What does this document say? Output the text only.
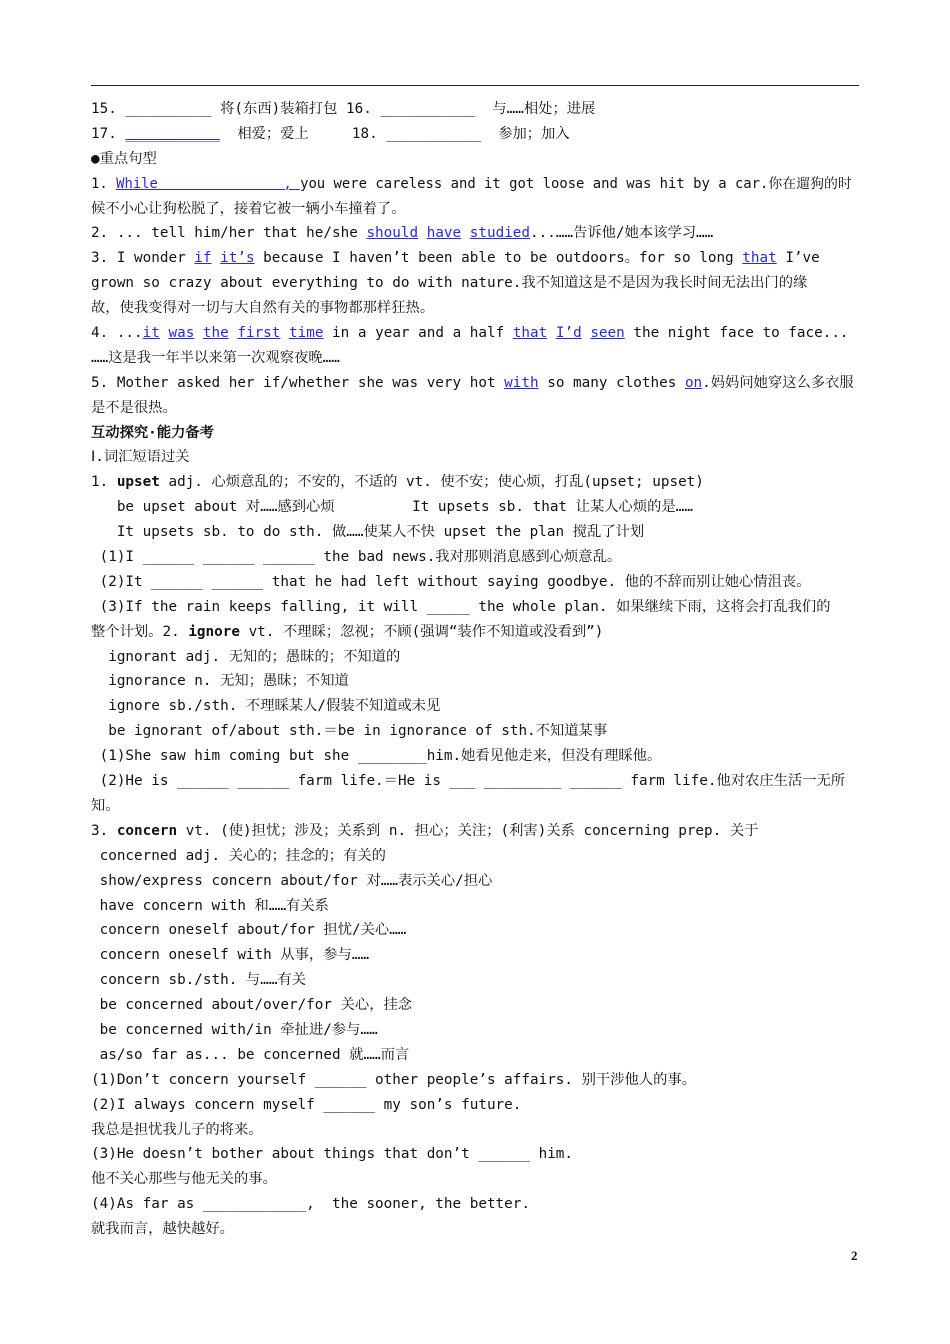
15. __________ 将(东西)装箱打包 16. ___________  与……相处；进展
17. ___________  相爱；爱上     18. ___________  参加；加入
●重点句型
1. While               , you were careless and it got loose and was hit by a car.你在遛狗的时
候不小心让狗松脱了，接着它被一辆小车撞着了。
2. ... tell him/her that he/she should have studied...……告诉他/她本该学习……
3. I wonder if it’s because I haven’t been able to be outdoors。for so long that I’ve
grown so crazy about everything to do with nature.我不知道这是不是因为我长时间无法出门的缘
故，使我变得对一切与大自然有关的事物都那样狂热。
4. ...it was the first time in a year and a half that I’d seen the night face to face...
……这是我一年半以来第一次观察夜晚……
5. Mother asked her if/whether she was very hot with so many clothes on.妈妈问她穿这么多衣服
是不是很热。
互动探究·能力备考
Ⅰ.词汇短语过关
1. upset adj. 心烦意乱的；不安的，不适的 vt. 使不安；使心烦，打乱(upset; upset)
be upset about 对……感到心烦         It upsets sb. that 让某人心烦的是……
It upsets sb. to do sth. 做……使某人不快 upset the plan 搅乱了计划
(1)I ______ ______ ______ the bad news.我对那则消息感到心烦意乱。
(2)It ______ ______ that he had left without saying goodbye. 他的不辞而别让她心情沮丧。
(3)If the rain keeps falling, it will _____ the whole plan. 如果继续下雨，这将会打乱我们的
整个计划。2. ignore vt. 不理睬；忽视；不顾(强调“装作不知道或没看到”)
ignorant adj. 无知的；愚昧的；不知道的
ignorance n. 无知；愚昧；不知道
ignore sb./sth. 不理睬某人/假装不知道或未见
be ignorant of/about sth.＝be in ignorance of sth.不知道某事
(1)She saw him coming but she ________him.她看见他走来，但没有理睬他。
(2)He is ______ ______ farm life.＝He is ___ _________ ______ farm life.他对农庄生活一无所
知。
3. concern vt. (使)担忧；涉及；关系到 n. 担心；关注；(利害)关系 concerning prep. 关于
concerned adj. 关心的；挂念的；有关的
show/express concern about/for 对……表示关心/担心
have concern with 和……有关系
concern oneself about/for 担忧/关心……
concern oneself with 从事，参与……
concern sb./sth. 与……有关
be concerned about/over/for 关心，挂念
be concerned with/in 牵扯进/参与……
as/so far as... be concerned 就……而言
(1)Don’t concern yourself ______ other people’s affairs. 别干涉他人的事。
(2)I always concern myself ______ my son’s future.
我总是担忧我儿子的将来。
(3)He doesn’t bother about things that don’t ______ him.
他不关心那些与他无关的事。
(4)As far as ____________,  the sooner, the better.
就我而言，越快越好。
2
